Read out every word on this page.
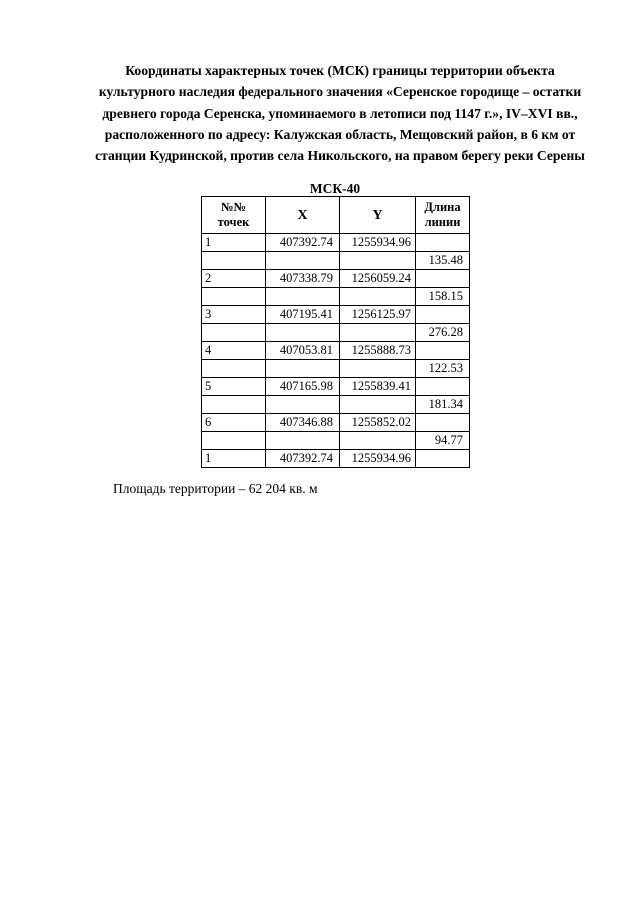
Координаты характерных точек (МСК) границы территории объекта
культурного наследия федерального значения «Серенское городище – остатки
древнего города Серенска, упоминаемого в летописи под 1147 г.», IV–XVI вв.,
расположенного по адресу: Калужская область, Мещовский район, в 6 км от
станции Кудринской, против села Никольского, на правом берегу реки Серены
МСК-40
№№
точек	X	Y	Длина
линии
1	407392.74	1255934.96	
			135.48
2	407338.79	1256059.24	
			158.15
3	407195.41	1256125.97	
			276.28
4	407053.81	1255888.73	
			122.53
5	407165.98	1255839.41	
			181.34
6	407346.88	1255852.02	
			94.77
1	407392.74	1255934.96	
Площадь территории – 62 204 кв. м
